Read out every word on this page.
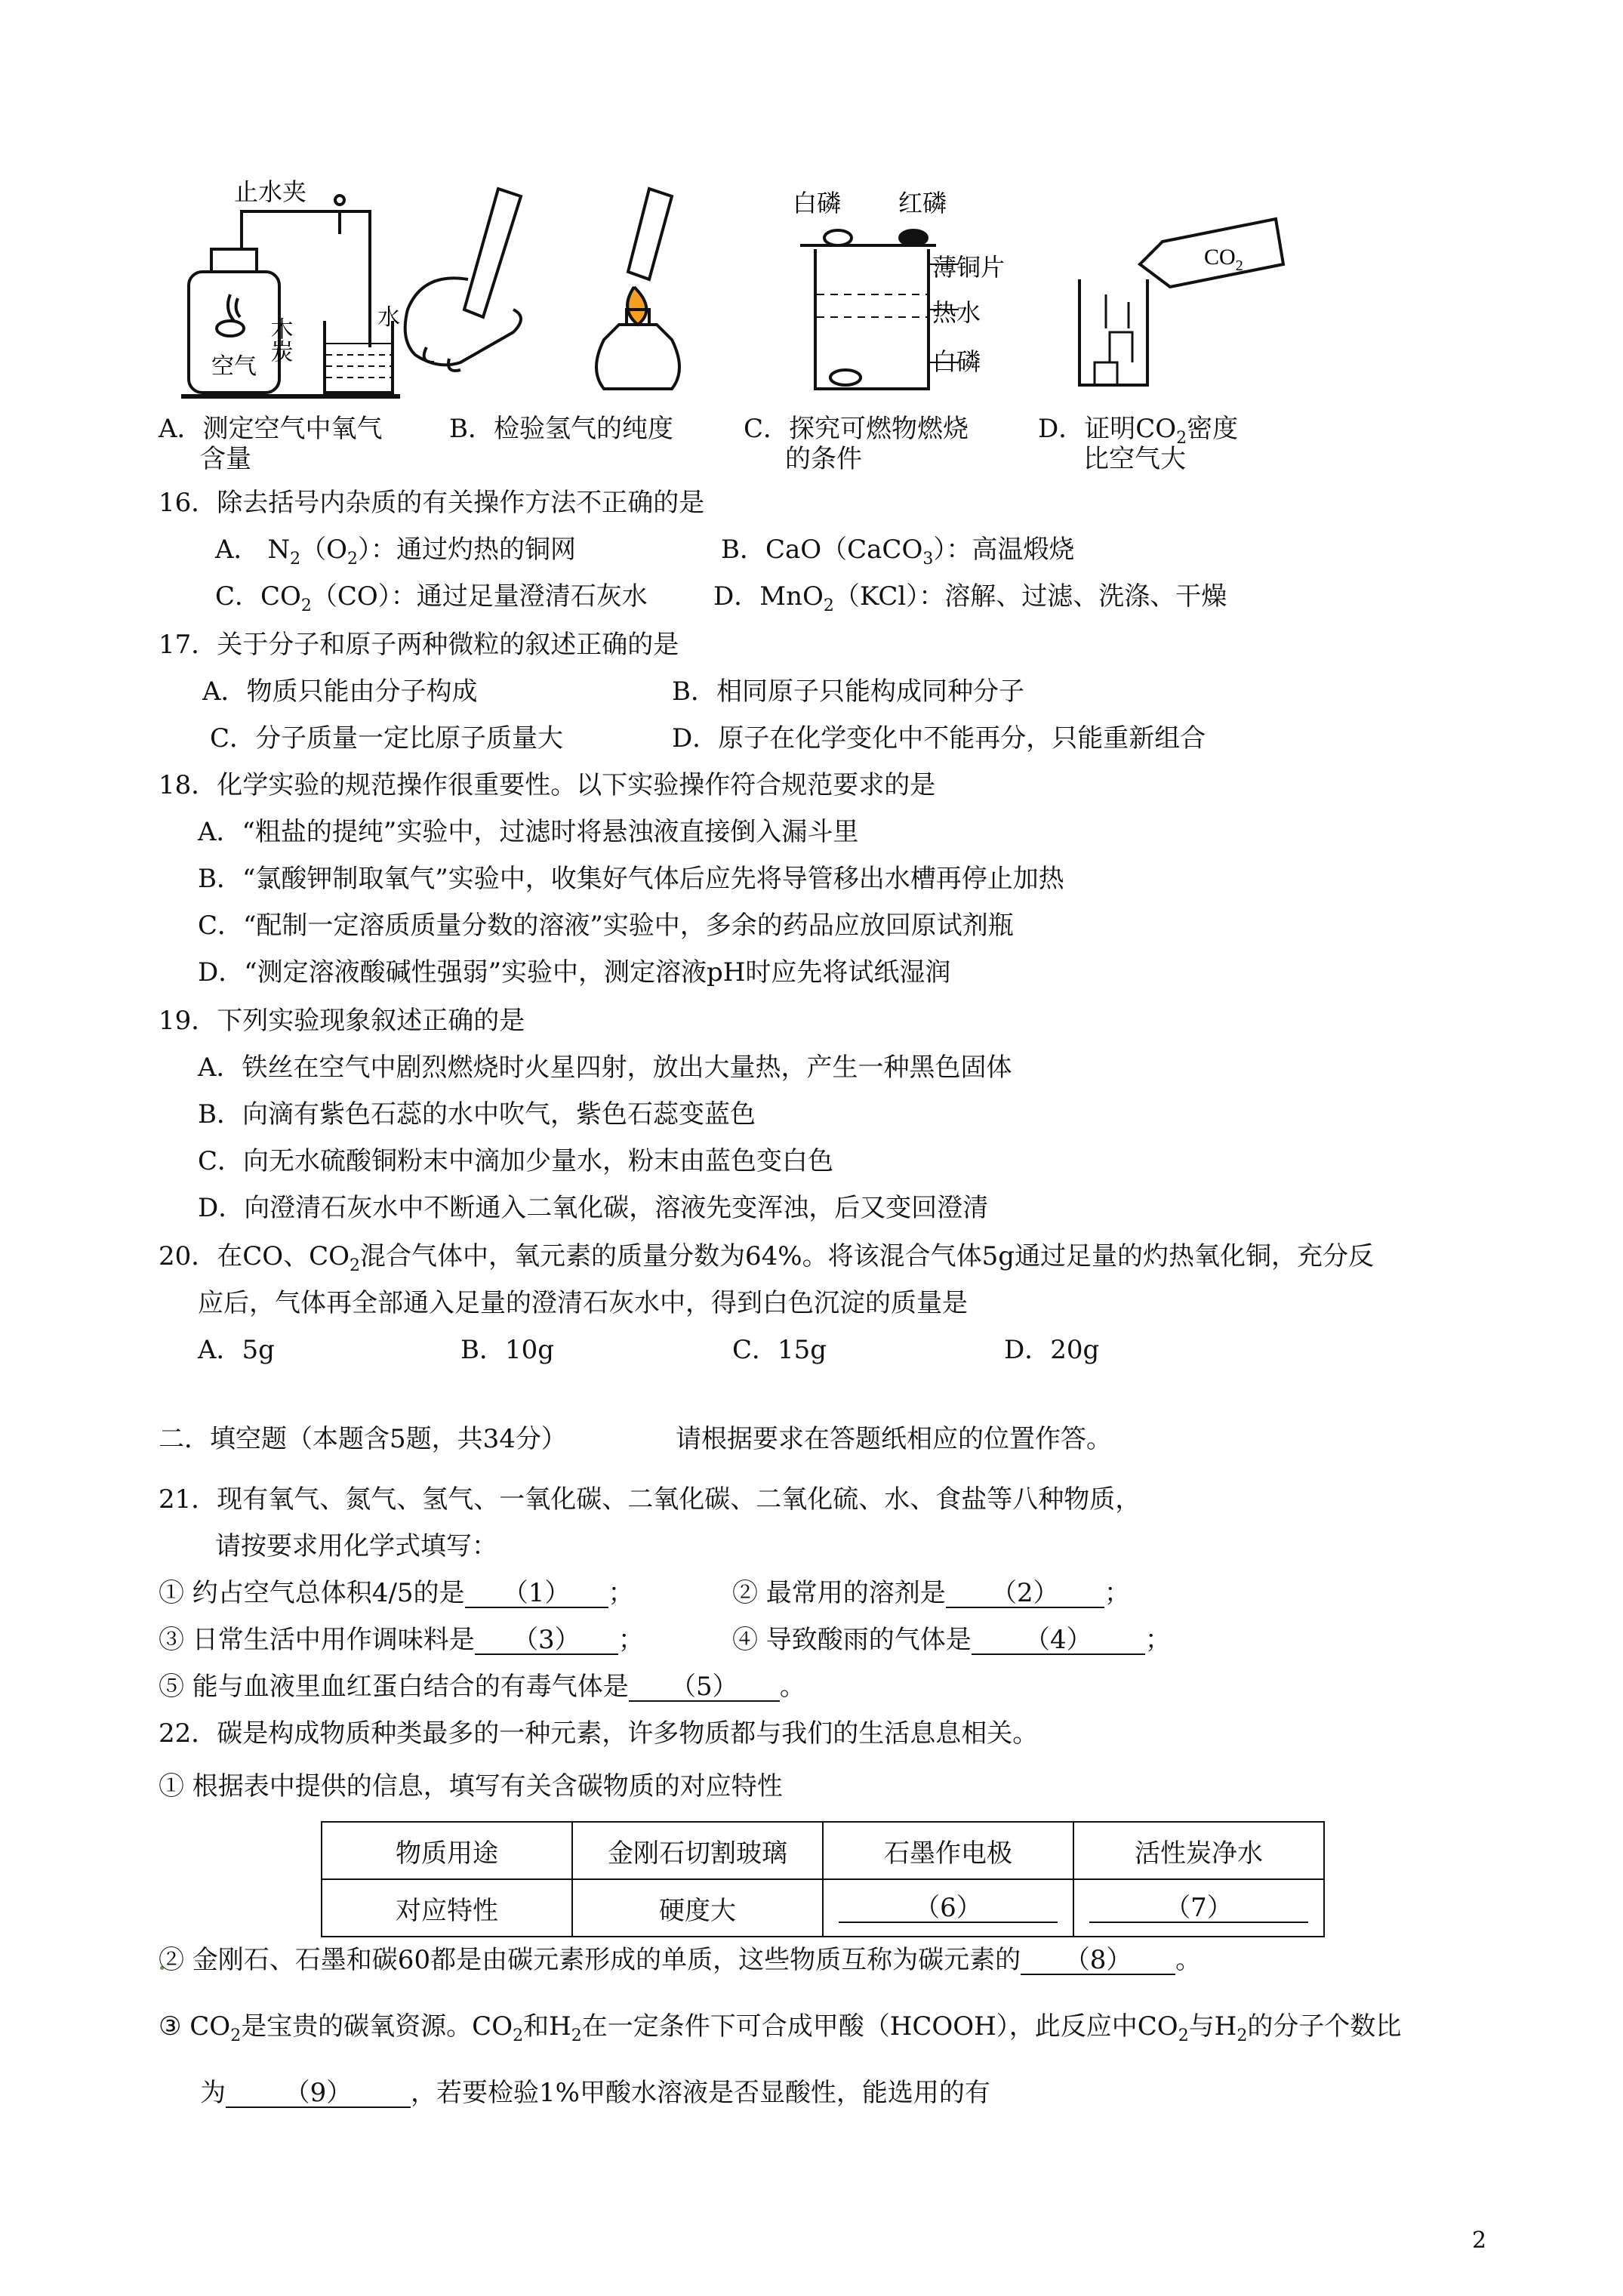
止水夹
木炭	水
空气
白磷 红磷
薄铜片
热水
白磷
$CO_2$
A．测定空气中氧气
含量
B．检验氢气的纯度	C．探究可燃物燃烧
的条件
D．证明$CO_2$密度
比空气大
16．除去括号内杂质的有关操作方法不正确的是
A． $N_2(O_2)$：通过灼热的铜网	B．CaO（CaCO$_3$）：高温煅烧
C．$CO_2(CO)$：通过足量澄清石灰水	D．MnO$_2$（KCl）：溶解、过滤、洗涤、干燥
17．关于分子和原子两种微粒的叙述正确的是
A．物质只能由分子构成	B．相同原子只能构成同种分子
C．分子质量一定比原子质量大	D．原子在化学变化中不能再分，只能重新组合
18．化学实验的规范操作很重要性。以下实验操作符合规范要求的是
A．“粗盐的提纯”实验中，过滤时将悬浊液直接倒入漏斗里
B．“氯酸钾制取氧气”实验中，收集好气体后应先将导管移出水槽再停止加热
C．“配制一定溶质质量分数的溶液”实验中，多余的药品应放回原试剂瓶
D．“测定溶液酸碱性强弱”实验中，测定溶液pH时应先将试纸湿润
19．下列实验现象叙述正确的是
A．铁丝在空气中剧烈燃烧时火星四射，放出大量热，产生一种黑色固体
B．向滴有紫色石蕊的水中吹气，紫色石蕊变蓝色
C．向无水硫酸铜粉末中滴加少量水，粉末由蓝色变白色
D．向澄清石灰水中不断通入二氧化碳，溶液先变浑浊，后又变回澄清
20．在CO、$CO_2$混合气体中，氧元素的质量分数为64%。将该混合气体5g通过足量的灼热氧化铜，充分反
应后，气体再全部通入足量的澄清石灰水中，得到白色沉淀的质量是
A．5g	B．10g	C．15g	D．20g
二．填空题（本题含5题，共34分）	请根据要求在答题纸相应的位置作答。
21．现有氧气、氮气、氢气、一氧化碳、二氧化碳、二氧化硫、水、食盐等八种物质，
请按要求用化学式填写：
① 约占空气总体积4/5的是 （1） ；	② 最常用的溶剂是 （2） ；
③ 日常生活中用作调味料是 （3） ；	④ 导致酸雨的气体是 （4） ；
⑤ 能与血液里血红蛋白结合的有毒气体是 （5） 。
22．碳是构成物质种类最多的一种元素，许多物质都与我们的生活息息相关。
① 根据表中提供的信息，填写有关含碳物质的对应特性
物质用途	金刚石切割玻璃	石墨作电极	活性炭净水
对应特性	硬度大	（6）	（7）
② 金刚石、石墨和碳60都是由碳元素形成的单质，这些物质互称为碳元素的 （8） 。
③ $CO_2$是宝贵的碳氧资源。$CO_2$和$H_2$在一定条件下可合成甲酸（HCOOH），此反应中$CO_2$与$H_2$的分子个数比
为 （9） ，若要检验1%甲酸水溶液是否显酸性，能选用的有
2
